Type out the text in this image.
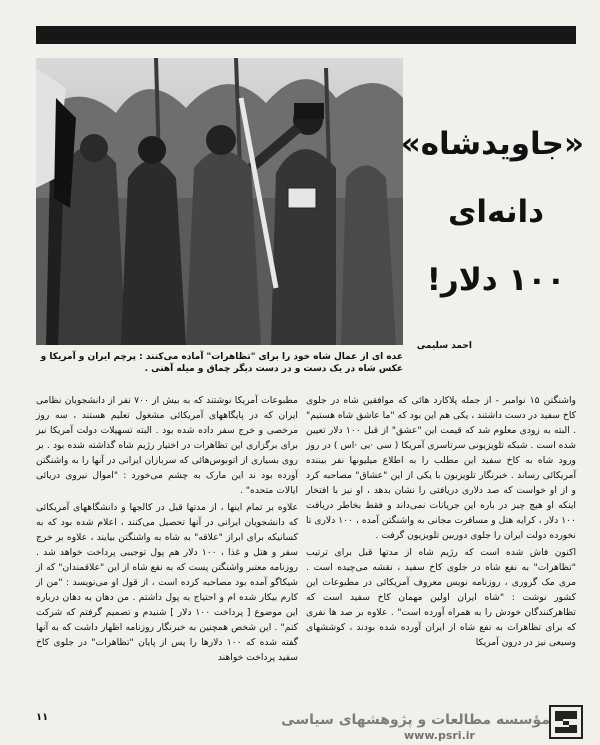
عده ای از عمال شاه خود را برای "تظاهرات" آماده می‌کنند : پرچم ایران و آمریکا و عکس شاه در یک دست و در دست دیگر چماق و میله آهنی .
«جاویدشاه»
دانه‌ای
۱۰۰ دلار!
احمد سلیمی

واشنگتن ۱۵ نوامبر - از جمله پلاکارد هائی که موافقین شاه در جلوی کاخ سفید در دست داشتند ، یکی هم این بود که "ما عاشق شاه هستیم" . البته به زودی معلوم شد که قیمت این "عشق" از قبل ۱۰۰ دلار تعیین شده است . شبکه تلویزیونی سرتاسری آمریکا ( سی ·بی ·اس ) در روز ورود شاه به کاخ سفید این مطلب را به اطلاع میلیونها نفر بیننده آمریکائی رساند . خبرنگار تلویزیون با یکی از این "عشاق" مصاحبه کرد و از او خواست که صد دلاری دریافتی را نشان بدهد ، او نیز با افتخار اینکه او هیچ چیز در باره این جریانات نمی‌داند و فقط بخاطر دریافت ۱۰۰ دلار ، کرایه هتل و مسافرت مجانی به واشنگتن آمده ، ۱۰۰ دلاری تا نخورده دولت ایران را جلوی دوربین تلویزیون گرفت .

اکنون فاش شده است که رژیم شاه از مدتها قبل برای ترتیب "تظاهرات" به نفع شاه در جلوی کاخ سفید ، نقشه می‌چیده است . مری مک گروری ، روزنامه نویس معروف آمریکائی در مطبوعات این کشور نوشت : "شاه ایران اولین مهمان کاخ سفید است که تظاهرکنندگان خودش را به همراه آورده است" . علاوه بر صد ها نفری که برای تظاهرات به نفع شاه از ایران آورده شده بودند ، کوششهای وسیعی نیز در درون آمریکا

مطبوعات آمریکا نوشتند که به بیش از ۷۰۰ نفر از دانشجویان نظامی ایران که در پایگاههای آمریکائی مشغول تعلیم هستند ، سه روز مرخصی و خرج سفر داده شده بود . البته تسهیلات دولت آمریکا نیز برای برگزاری این تظاهرات در اختیار رژیم شاه گذاشته شده بود . بر روی بسیاری از اتوبوس‌هائی که سربازان ایرانی در آنها را به واشنگتن آورده بود ند این مارک به چشم می‌خورد : "اموال نیروی دریائی ایالات متحده" .

علاوه بر تمام اینها ، از مدتها قبل در کالجها و دانشگاههای آمریکائی که دانشجویان ایرانی در آنها تحصیل می‌کنند ، اعلام شده بود که به کسانیکه برای ابراز "علاقه" به شاه به واشنگتن بیایند ، علاوه بر خرج سفر و هتل و غذا ، ۱۰۰ دلار هم پول توجیبی پرداخت خواهد شد . روزنامه معتبر واشنگتن پست که به نفع شاه از این "علاقمندان" که از شیکاگو آمده بود مصاحبه کرده است ، از قول او می‌نویسد : "من از کارم بیکار شده ام و احتیاج به پول داشتم . من دهان به دهان درباره این موضوع [ پرداخت ۱۰۰ دلار ] شنیدم و تصمیم گرفتم که شرکت کنم" . این شخص همچنین به خبرنگار روزنامه اظهار داشت که به آنها گفته شده که ۱۰۰ دلارها را پس از پایان "تظاهرات" در جلوی کاخ سفید پرداخت خواهند

۱۱	مؤسسه مطالعات و پژوهشهای سیاسی
www.psri.ir
